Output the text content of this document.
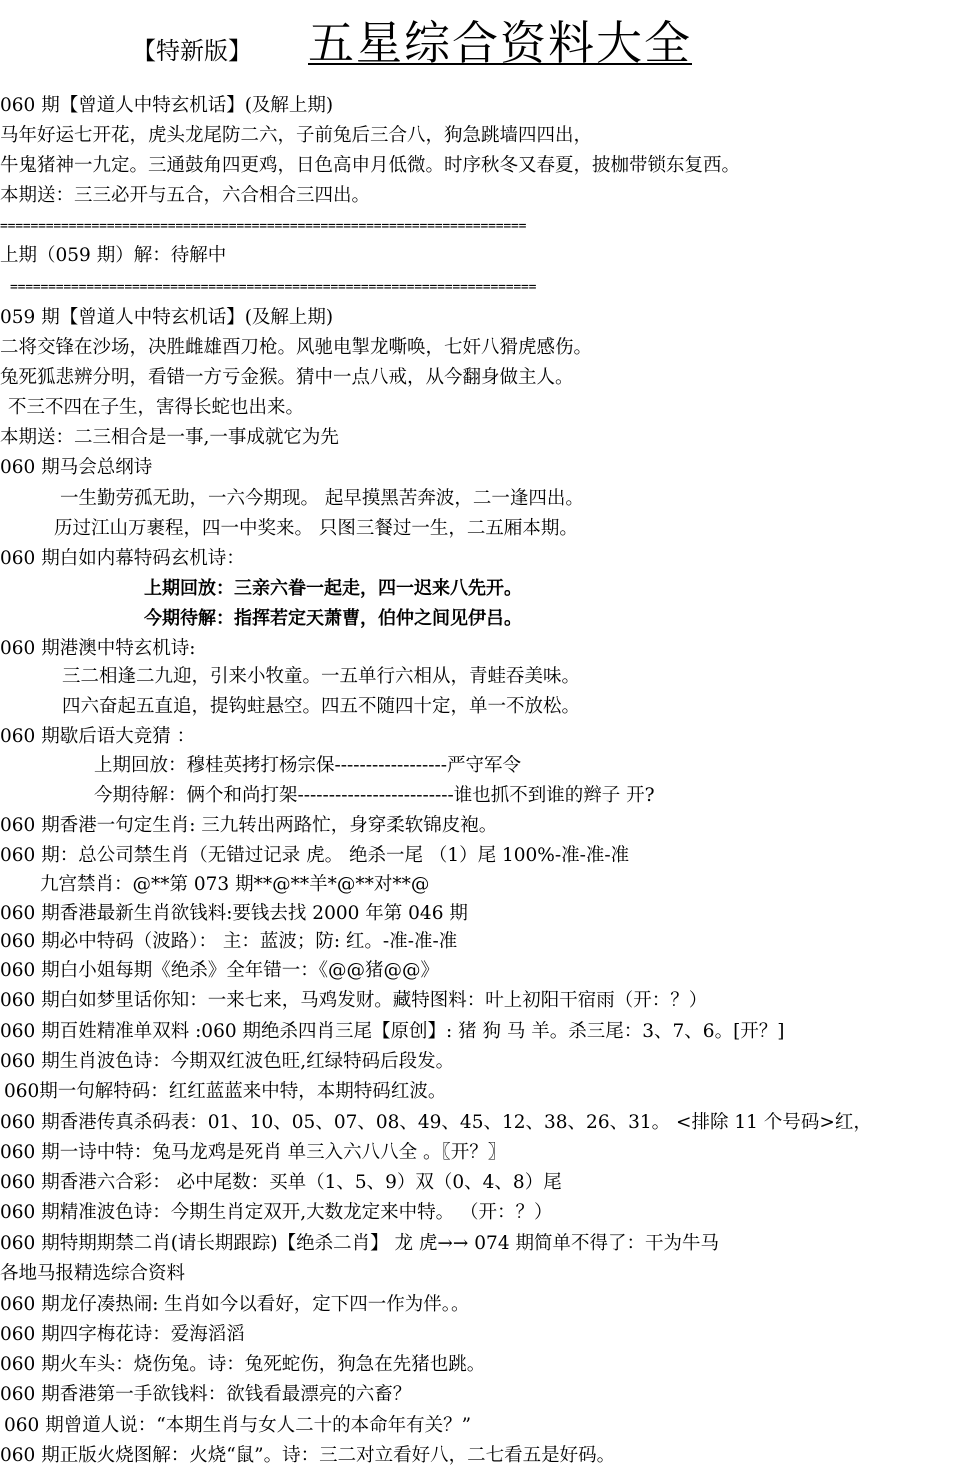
【特新版】 五星综合资料大全
060 期【曾道人中特玄机话】(及解上期)
马年好运七开花，虎头龙尾防二六，子前兔后三合八，狗急跳墙四四出，
牛鬼猪神一九定。三通鼓角四更鸡，日色高申月低微。时序秋冬又春夏，披枷带锁东复西。
本期送：三三必开与五合，六合相合三四出。
=====================================================================
上期（059 期）解：待解中
=====================================================================
059 期【曾道人中特玄机话】(及解上期)
二将交锋在沙场，决胜雌雄酉刀枪。风驰电掣龙嘶唤，七奸八猾虎感伤。
兔死狐悲辨分明，看错一方亏金猴。猜中一点八戒，从今翻身做主人。
不三不四在子生，害得长蛇也出来。
本期送：二三相合是一事,一事成就它为先
060 期马会总纲诗
一生勤劳孤无助，一六今期现。 起早摸黑苦奔波，二一逢四出。
历过江山万裹程，四一中奖来。 只图三餐过一生，二五厢本期。
060 期白如内幕特码玄机诗：
上期回放：三亲六眷一起走，四一迟来八先开。
今期待解：指挥若定天萧曹，伯仲之间见伊吕。
060 期港澳中特玄机诗:
三二相逢二九迎，引来小牧童。一五单行六相从，青蛙吞美味。
四六奋起五直追，提钩蛀悬空。四五不随四十定，单一不放松。
060 期歇后语大竞猜 ：
上期回放：穆桂英拷打杨宗保------------------严守军令
今期待解：俩个和尚打架-------------------------谁也抓不到谁的辫子 开?
060 期香港一句定生肖: 三九转出两路忙，身穿柔软锦皮袍。
060 期：总公司禁生肖（无错过记录 虎。 绝杀一尾 （1）尾 100%-准-准-准
九宫禁肖：@**第 073 期**@**羊*@**对**@
060 期香港最新生肖欲钱料:要钱去找 2000 年第 046 期
060 期必中特码（波路）： 主：蓝波；防: 红。-准-准-准
060 期白小姐每期《绝杀》全年错一：《@@猪@@》
060 期白如梦里话你知：一来七来，马鸡发财。藏特图料：叶上初阳干宿雨（开：？）
060 期百姓精准单双料 :060 期绝杀四肖三尾【原创】: 猪 狗 马 羊。杀三尾：3、7、6。[开？]
060 期生肖波色诗：今期双红波色旺,红绿特码后段发。
060期一句解特码：红红蓝蓝来中特，本期特码红波。
060 期香港传真杀码表：01、10、05、07、08、49、45、12、38、26、31。 <排除 11 个号码>红，
060 期一诗中特：兔马龙鸡是死肖 单三入六八八全 。〖开？〗
060 期香港六合彩： 必中尾数：买单（1、5、9）双（0、4、8）尾
060 期精准波色诗：今期生肖定双开,大数龙定来中特。 （开：？）
060 期特期期禁二肖(请长期跟踪)【绝杀二肖】 龙 虎→→ 074 期简单不得了：干为牛马
各地马报精选综合资料
060 期龙仔凑热闹: 生肖如今以看好，定下四一作为伴。。
060 期四字梅花诗：爱海滔滔
060 期火车头：烧伤兔。诗：兔死蛇伤，狗急在先猪也跳。
060 期香港第一手欲钱料：欲钱看最漂亮的六畜？
060 期曾道人说：“本期生肖与女人二十的本命年有关？”
060 期正版火烧图解：火烧“鼠”。诗：三二对立看好八，二七看五是好码。
